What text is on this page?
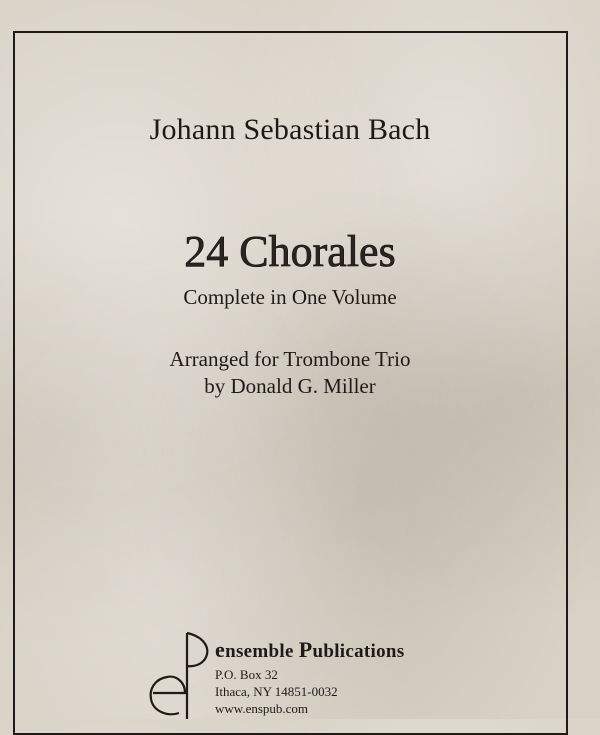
Johann Sebastian Bach
24 Chorales
Complete in One Volume
Arranged for Trombone Trio
by Donald G. Miller
ensemble Publications
P.O. Box 32
Ithaca, NY 14851-0032
www.enspub.com
